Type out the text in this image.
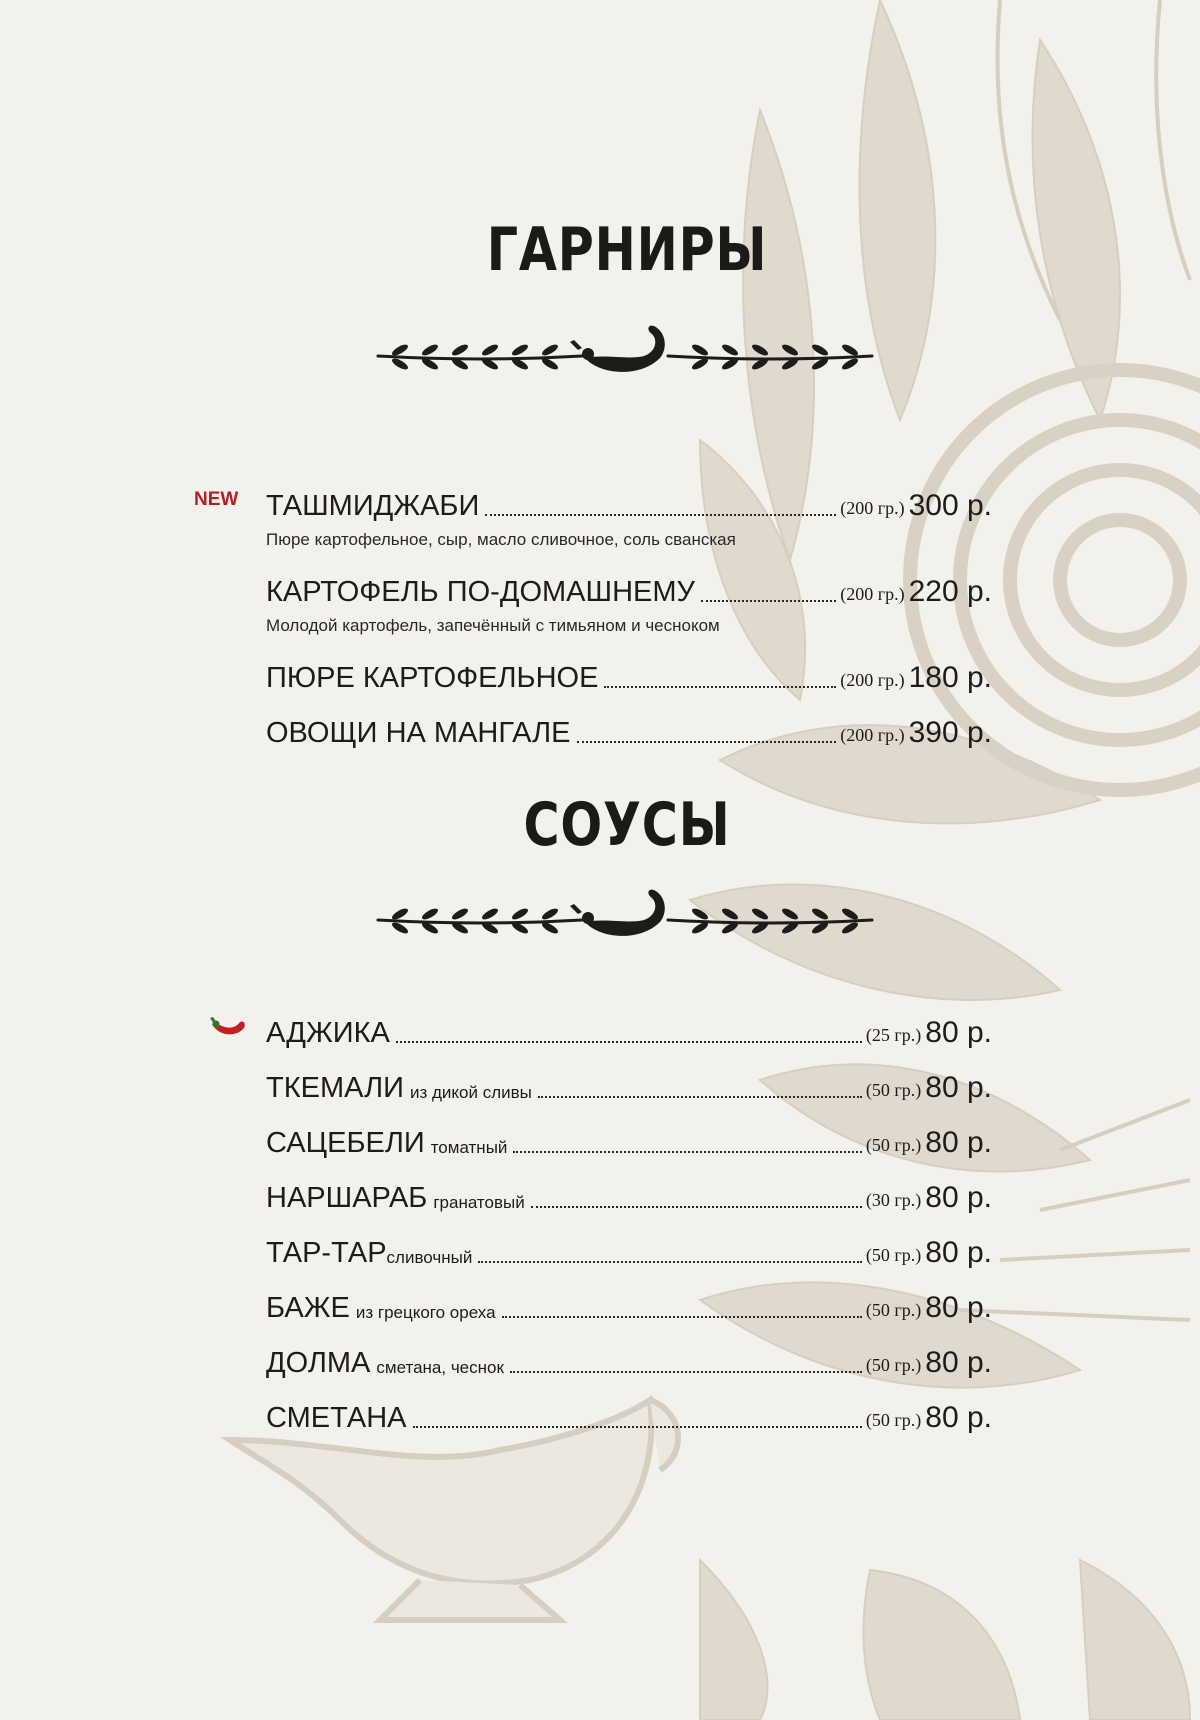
ГАРНИРЫ
NEW ТАШМИДЖАБИ	(200 гр.) 300 р.
Пюре картофельное, сыр, масло сливочное, соль сванская
КАРТОФЕЛЬ ПО-ДОМАШНЕМУ	(200 гр.) 220 р.
Молодой картофель, запечённый с тимьяном и чесноком
ПЮРЕ КАРТОФЕЛЬНОЕ	(200 гр.) 180 р.
ОВОЩИ НА МАНГАЛЕ	(200 гр.) 390 р.
СОУСЫ
АДЖИКА	(25 гр.) 80 р.
ТКЕМАЛИ из дикой сливы	(50 гр.) 80 р.
САЦЕБЕЛИ томатный	(50 гр.) 80 р.
НАРШАРАБ гранатовый	(30 гр.) 80 р.
ТАР-ТАР сливочный	(50 гр.) 80 р.
БАЖЕ из грецкого ореха	(50 гр.) 80 р.
ДОЛМА сметана, чеснок	(50 гр.) 80 р.
СМЕТАНА	(50 гр.) 80 р.
